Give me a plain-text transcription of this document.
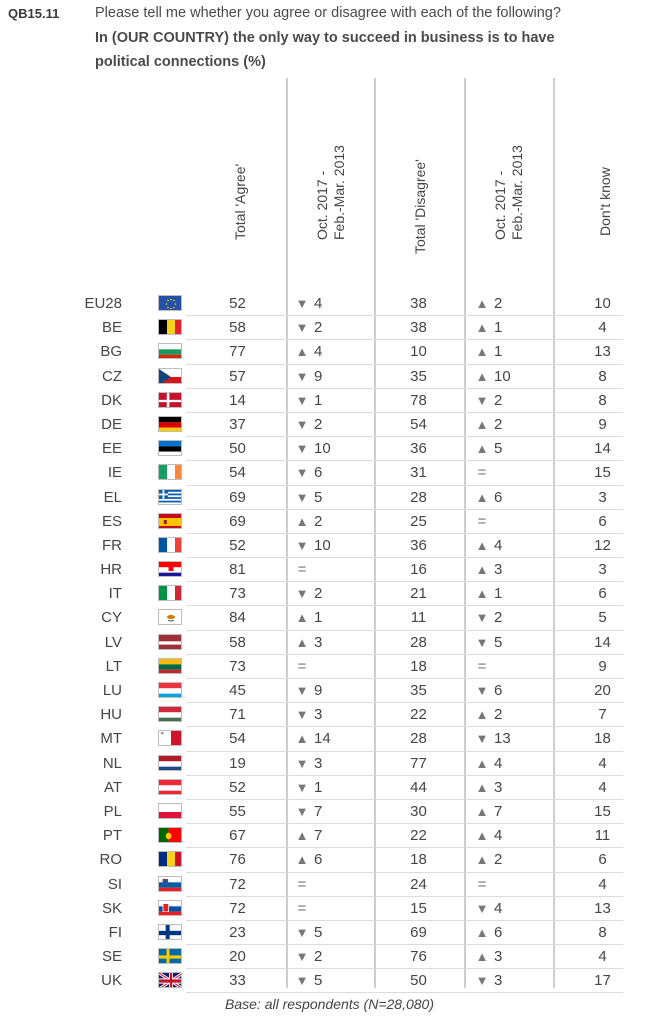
QB15.11 Please tell me whether you agree or disagree with each of the following?
In (OUR COUNTRY) the only way to succeed in business is to have
political connections (%)
Total 'Agree'	Oct. 2017 - Feb.-Mar. 2013	Total 'Disagree'	Oct. 2017 - Feb.-Mar. 2013	Don't know
EU28	52	▼ 4	38	▲ 2	10
BE	58	▼ 2	38	▲ 1	4
BG	77	▲ 4	10	▲ 1	13
CZ	57	▼ 9	35	▲ 10	8
DK	14	▼ 1	78	▼ 2	8
DE	37	▼ 2	54	▲ 2	9
EE	50	▼ 10	36	▲ 5	14
IE	54	▼ 6	31	=	15
EL	69	▼ 5	28	▲ 6	3
ES	69	▲ 2	25	=	6
FR	52	▼ 10	36	▲ 4	12
HR	81	=	16	▲ 3	3
IT	73	▼ 2	21	▲ 1	6
CY	84	▲ 1	11	▼ 2	5
LV	58	▲ 3	28	▼ 5	14
LT	73	=	18	=	9
LU	45	▼ 9	35	▼ 6	20
HU	71	▼ 3	22	▲ 2	7
MT	54	▲ 14	28	▼ 13	18
NL	19	▼ 3	77	▲ 4	4
AT	52	▼ 1	44	▲ 3	4
PL	55	▼ 7	30	▲ 7	15
PT	67	▲ 7	22	▲ 4	11
RO	76	▲ 6	18	▲ 2	6
SI	72	=	24	=	4
SK	72	=	15	▼ 4	13
FI	23	▼ 5	69	▲ 6	8
SE	20	▼ 2	76	▲ 3	4
UK	33	▼ 5	50	▼ 3	17
Base: all respondents (N=28,080)
